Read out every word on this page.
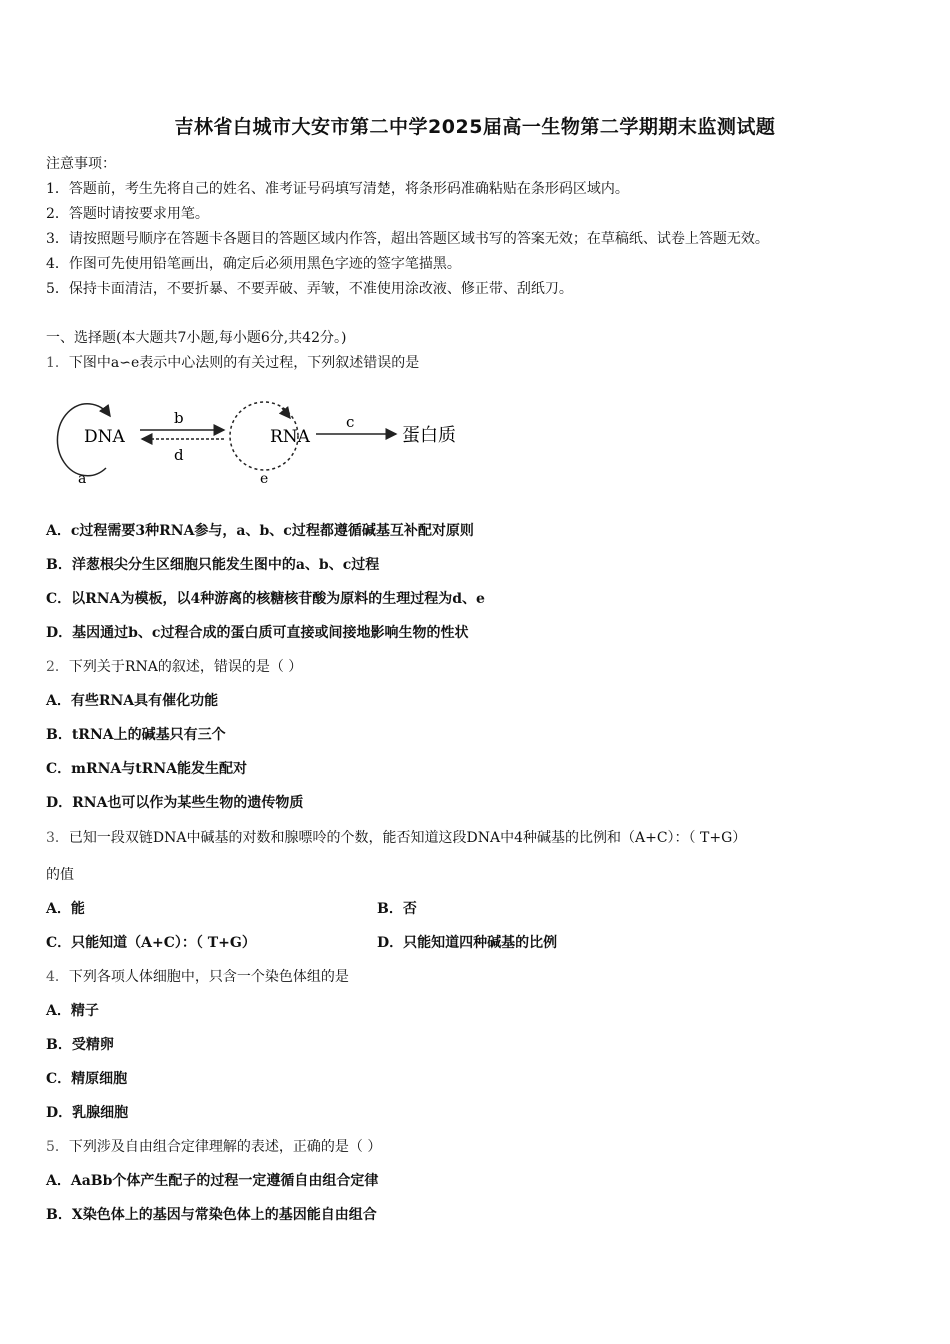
吉林省白城市大安市第二中学2025届高一生物第二学期期末监测试题
注意事项：
1．答题前，考生先将自己的姓名、准考证号码填写清楚，将条形码准确粘贴在条形码区域内。
2．答题时请按要求用笔。
3．请按照题号顺序在答题卡各题目的答题区域内作答，超出答题区域书写的答案无效；在草稿纸、试卷上答题无效。
4．作图可先使用铅笔画出，确定后必须用黑色字迹的签字笔描黑。
5．保持卡面清洁，不要折暴、不要弄破、弄皱，不准使用涂改液、修正带、刮纸刀。
一、选择题(本大题共7小题,每小题6分,共42分。)
1．下图中a∽e表示中心法则的有关过程，下列叙述错误的是
DNA
a
b
d
RNA
e
c
蛋白质
A．c过程需要3种RNA参与，a、b、c过程都遵循碱基互补配对原则
B．洋葱根尖分生区细胞只能发生图中的a、b、c过程
C．以RNA为模板，以4种游离的核糖核苷酸为原料的生理过程为d、e
D．基因通过b、c过程合成的蛋白质可直接或间接地影响生物的性状
2．下列关于RNA的叙述，错误的是（ ）
A．有些RNA具有催化功能
B．tRNA上的碱基只有三个
C．mRNA与tRNA能发生配对
D．RNA也可以作为某些生物的遗传物质
3．已知一段双链DNA中碱基的对数和腺嘌呤的个数，能否知道这段DNA中4种碱基的比例和（A+C）：（ T+G）
的值
A．能	B．否
C．只能知道（A+C）：（ T+G）	D．只能知道四种碱基的比例
4．下列各项人体细胞中，只含一个染色体组的是
A．精子
B．受精卵
C．精原细胞
D．乳腺细胞
5．下列涉及自由组合定律理解的表述，正确的是（ ）
A．AaBb个体产生配子的过程一定遵循自由组合定律
B．X染色体上的基因与常染色体上的基因能自由组合
